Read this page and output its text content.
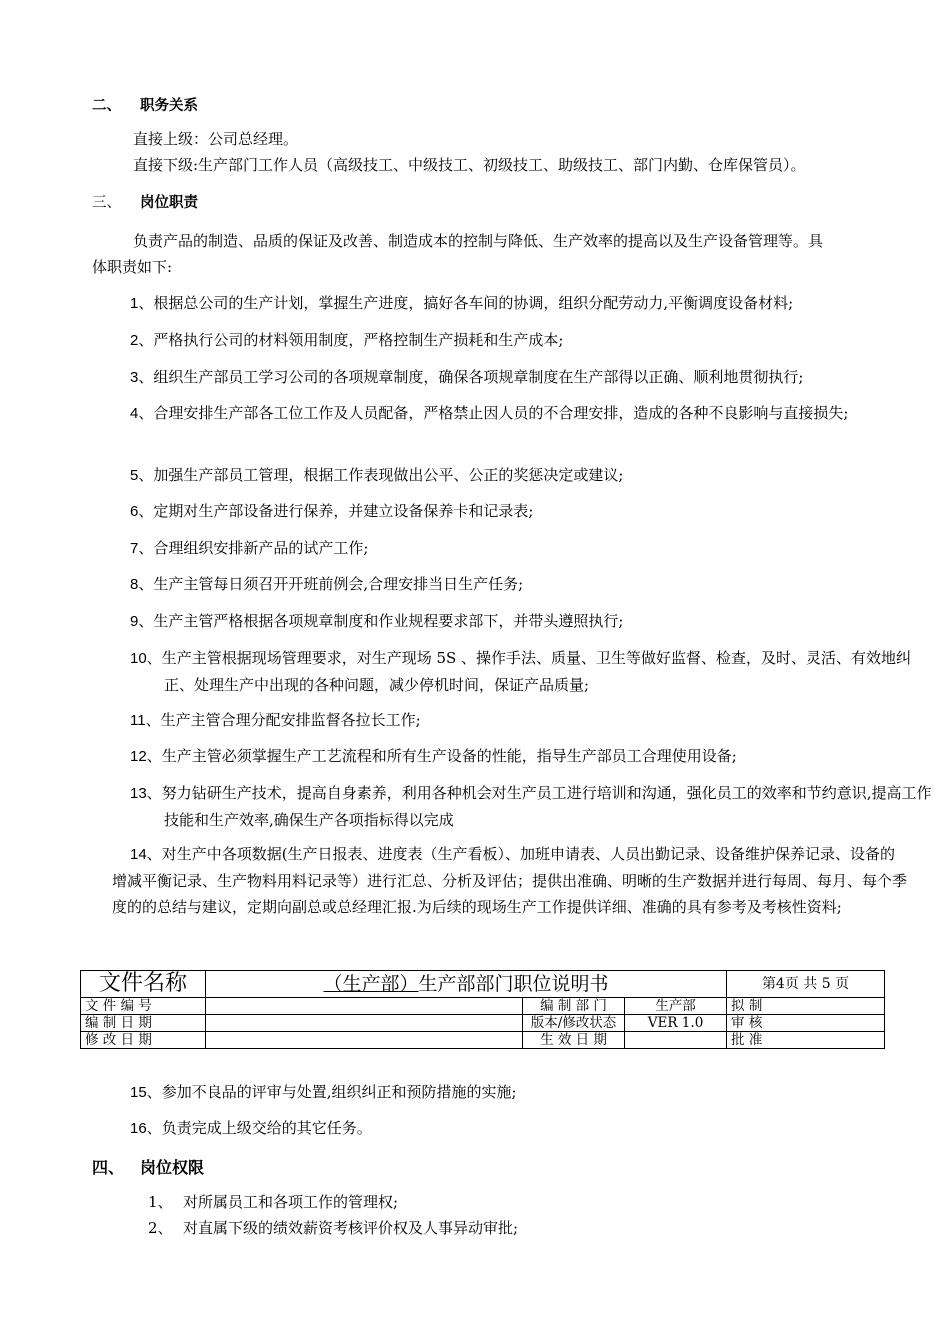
二、 职务关系
直接上级：公司总经理。
直接下级:生产部门工作人员（高级技工、中级技工、初级技工、助级技工、部门内勤、仓库保管员）。
三、 岗位职责
负责产品的制造、品质的保证及改善、制造成本的控制与降低、生产效率的提高以及生产设备管理等。具
体职责如下:
1、根据总公司的生产计划，掌握生产进度，搞好各车间的协调，组织分配劳动力,平衡调度设备材料;
2、严格执行公司的材料领用制度，严格控制生产损耗和生产成本;
3、组织生产部员工学习公司的各项规章制度，确保各项规章制度在生产部得以正确、顺利地贯彻执行;
4、合理安排生产部各工位工作及人员配备，严格禁止因人员的不合理安排，造成的各种不良影响与直接损失;
5、加强生产部员工管理，根据工作表现做出公平、公正的奖惩决定或建议;
6、定期对生产部设备进行保养，并建立设备保养卡和记录表;
7、合理组织安排新产品的试产工作;
8、生产主管每日须召开开班前例会,合理安排当日生产任务;
9、生产主管严格根据各项规章制度和作业规程要求部下，并带头遵照执行;
10、生产主管根据现场管理要求，对生产现场 5S 、操作手法、质量、卫生等做好监督、检查，及时、灵活、有效地纠正、处理生产中出现的各种问题，减少停机时间，保证产品质量;
11、生产主管合理分配安排监督各拉长工作;
12、生产主管必须掌握生产工艺流程和所有生产设备的性能，指导生产部员工合理使用设备;
13、努力钻研生产技术，提高自身素养，利用各种机会对生产员工进行培训和沟通，强化员工的效率和节约意识,提高工作技能和生产效率,确保生产各项指标得以完成
14、对生产中各项数据(生产日报表、进度表（生产看板）、加班申请表、人员出勤记录、设备维护保养记录、设备的增减平衡记录、生产物料用料记录等）进行汇总、分析及评估；提供出准确、明晰的生产数据并进行每周、每月、每个季度的的总结与建议，定期向副总或总经理汇报.为后续的现场生产工作提供详细、准确的具有参考及考核性资料;
文件名称	（生产部）生产部部门职位说明书			第4页 共 5 页
文 件 编 号		编 制 部 门	生产部	拟 制
编 制 日 期		版本/修改状态	VER 1.0	审 核
修 改 日 期		生 效 日 期		批 准
15、参加不良品的评审与处置,组织纠正和预防措施的实施;
16、负责完成上级交给的其它任务。
四、 岗位权限
1、 对所属员工和各项工作的管理权;
2、 对直属下级的绩效薪资考核评价权及人事异动审批;
